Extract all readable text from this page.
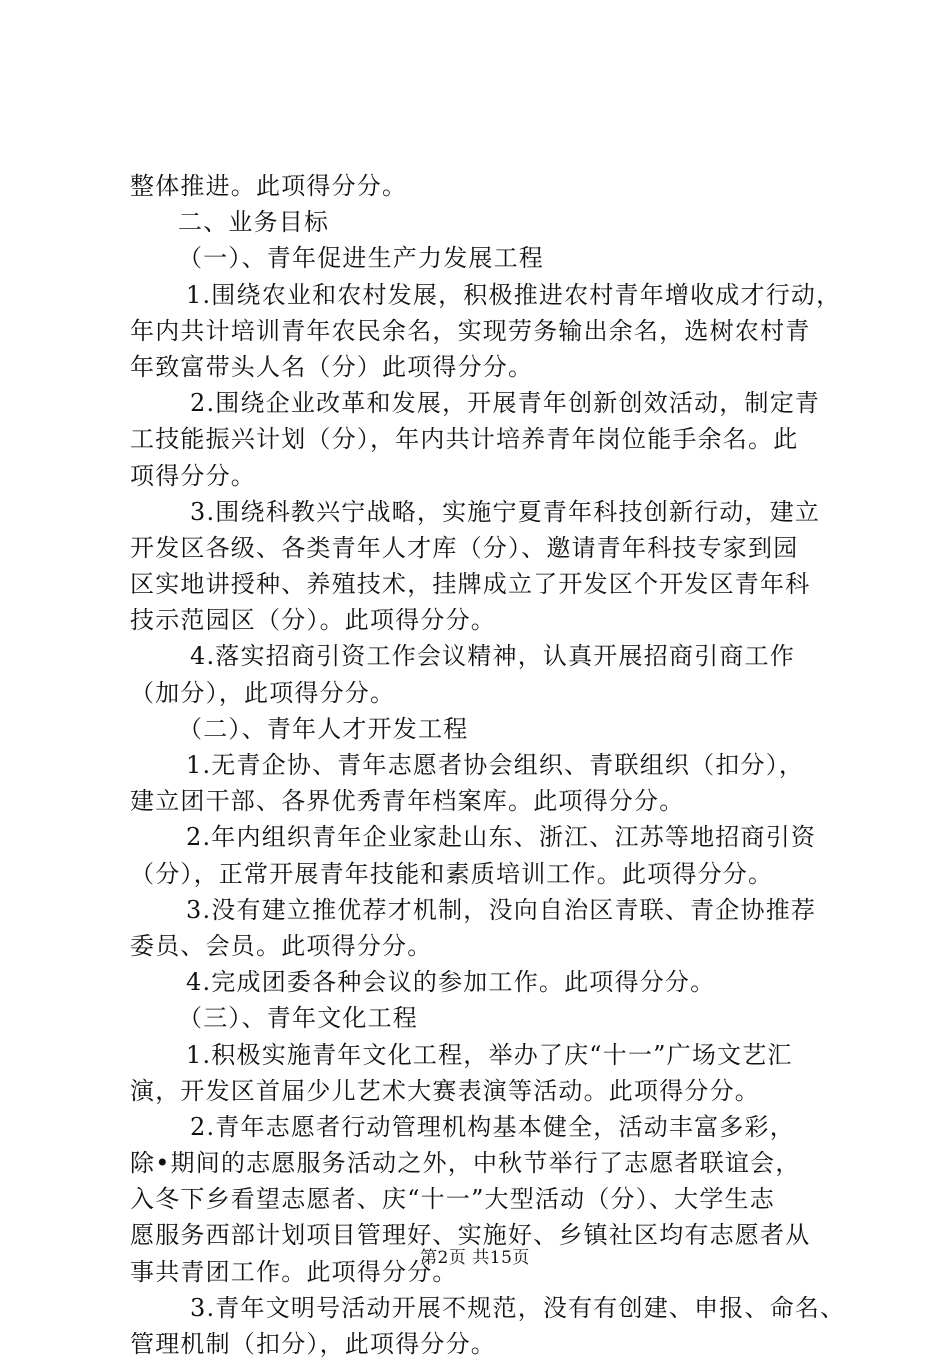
整体推进。此项得分分。
二、业务目标
（一）、青年促进生产力发展工程
1.围绕农业和农村发展，积极推进农村青年增收成才行动，
年内共计培训青年农民余名，实现劳务输出余名，选树农村青
年致富带头人名（分）此项得分分。
2.围绕企业改革和发展，开展青年创新创效活动，制定青
工技能振兴计划（分），年内共计培养青年岗位能手余名。此
项得分分。
3.围绕科教兴宁战略，实施宁夏青年科技创新行动，建立
开发区各级、各类青年人才库（分）、邀请青年科技专家到园
区实地讲授种、养殖技术，挂牌成立了开发区个开发区青年科
技示范园区（分）。此项得分分。
4.落实招商引资工作会议精神，认真开展招商引商工作
（加分），此项得分分。
（二）、青年人才开发工程
1.无青企协、青年志愿者协会组织、青联组织（扣分），
建立团干部、各界优秀青年档案库。此项得分分。
2.年内组织青年企业家赴山东、浙江、江苏等地招商引资
（分），正常开展青年技能和素质培训工作。此项得分分。
3.没有建立推优荐才机制，没向自治区青联、青企协推荐
委员、会员。此项得分分。
4.完成团委各种会议的参加工作。此项得分分。
（三）、青年文化工程
1.积极实施青年文化工程，举办了庆“十一”广场文艺汇
演，开发区首届少儿艺术大赛表演等活动。此项得分分。
2.青年志愿者行动管理机构基本健全，活动丰富多彩，
除•期间的志愿服务活动之外，中秋节举行了志愿者联谊会，
入冬下乡看望志愿者、庆“十一”大型活动（分）、大学生志
愿服务西部计划项目管理好、实施好、乡镇社区均有志愿者从
事共青团工作。此项得分分。
3.青年文明号活动开展不规范，没有有创建、申报、命名、
管理机制（扣分），此项得分分。
第2页 共15页
